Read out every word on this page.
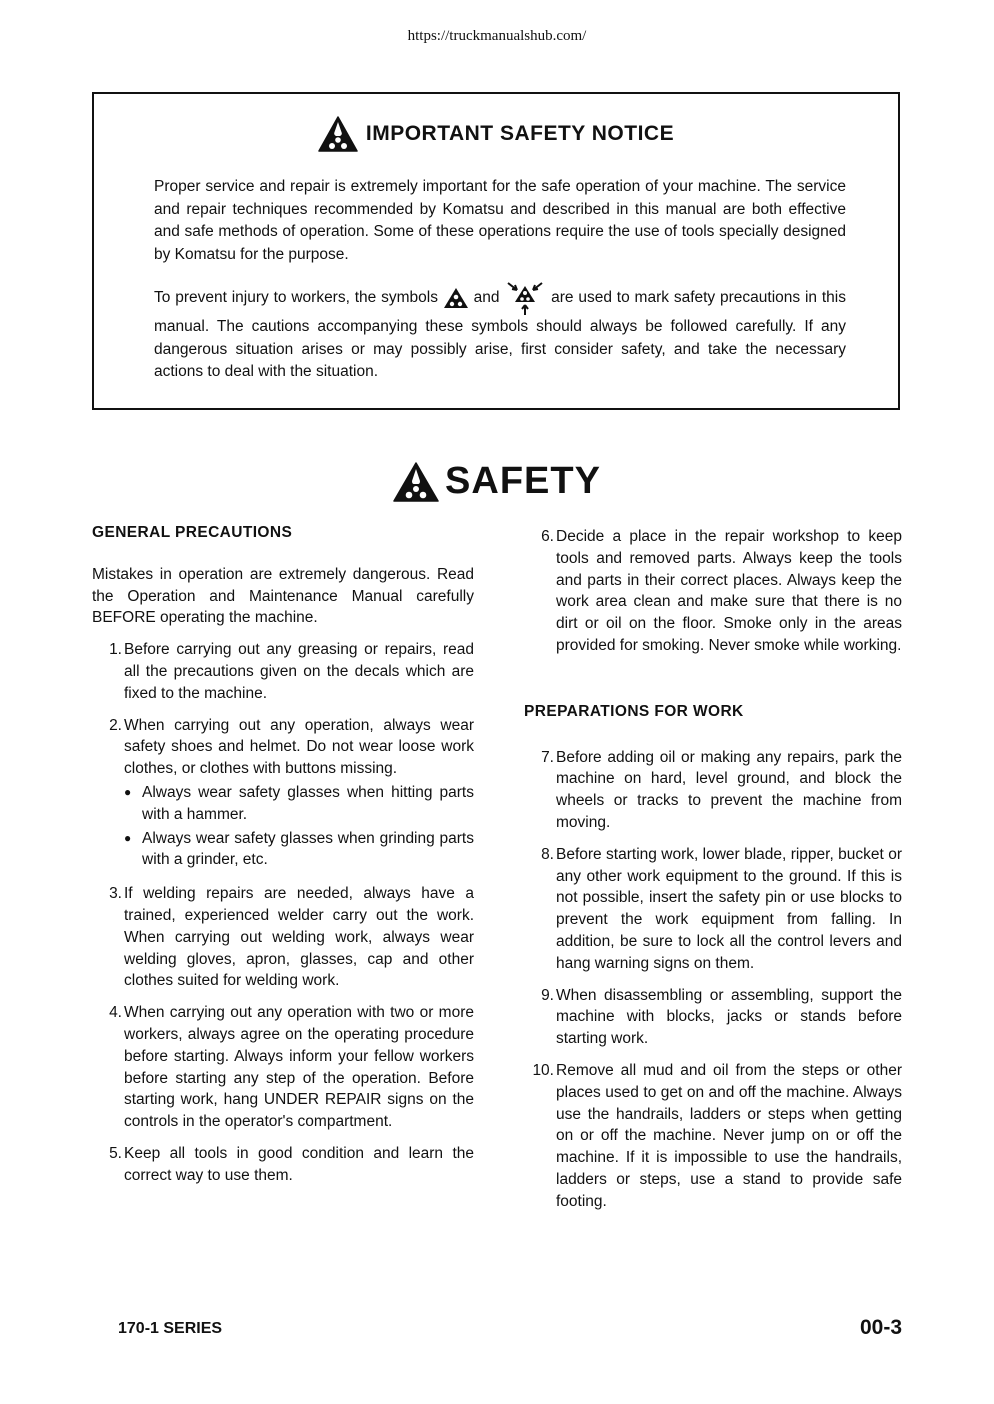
https://truckmanualshub.com/
IMPORTANT SAFETY NOTICE

Proper service and repair is extremely important for the safe operation of your machine. The service and repair techniques recommended by Komatsu and described in this manual are both effective and safe methods of operation. Some of these operations require the use of tools specially designed by Komatsu for the purpose.

To prevent injury to workers, the symbols and	are used to mark safety precautions in this manual. The cautions accompanying these symbols should always be followed carefully. If any dangerous situation arises or may possibly arise, first consider safety, and take the necessary actions to deal with the situation.

SAFETY

GENERAL PRECAUTIONS

Mistakes in operation are extremely dangerous. Read the Operation and Maintenance Manual carefully BEFORE operating the machine.

1. Before carrying out any greasing or repairs, read all the precautions given on the decals which are fixed to the machine.
2. When carrying out any operation, always wear safety shoes and helmet. Do not wear loose work clothes, or clothes with buttons missing.
● Always wear safety glasses when hitting parts with a hammer.
● Always wear safety glasses when grinding parts with a grinder, etc.
3. If welding repairs are needed, always have a trained, experienced welder carry out the work. When carrying out welding work, always wear welding gloves, apron, glasses, cap and other clothes suited for welding work.
4. When carrying out any operation with two or more workers, always agree on the operating procedure before starting. Always inform your fellow workers before starting any step of the operation. Before starting work, hang UNDER REPAIR signs on the controls in the operator's compartment.
5. Keep all tools in good condition and learn the correct way to use them.
6. Decide a place in the repair workshop to keep tools and removed parts. Always keep the tools and parts in their correct places. Always keep the work area clean and make sure that there is no dirt or oil on the floor. Smoke only in the areas provided for smoking. Never smoke while working.

PREPARATIONS FOR WORK

7. Before adding oil or making any repairs, park the machine on hard, level ground, and block the wheels or tracks to prevent the machine from moving.
8. Before starting work, lower blade, ripper, bucket or any other work equipment to the ground. If this is not possible, insert the safety pin or use blocks to prevent the work equipment from falling. In addition, be sure to lock all the control levers and hang warning signs on them.
9. When disassembling or assembling, support the machine with blocks, jacks or stands before starting work.
10. Remove all mud and oil from the steps or other places used to get on and off the machine. Always use the handrails, ladders or steps when getting on or off the machine. Never jump on or off the machine. If it is impossible to use the handrails, ladders or steps, use a stand to provide safe footing.
170-1 SERIES	00-3
